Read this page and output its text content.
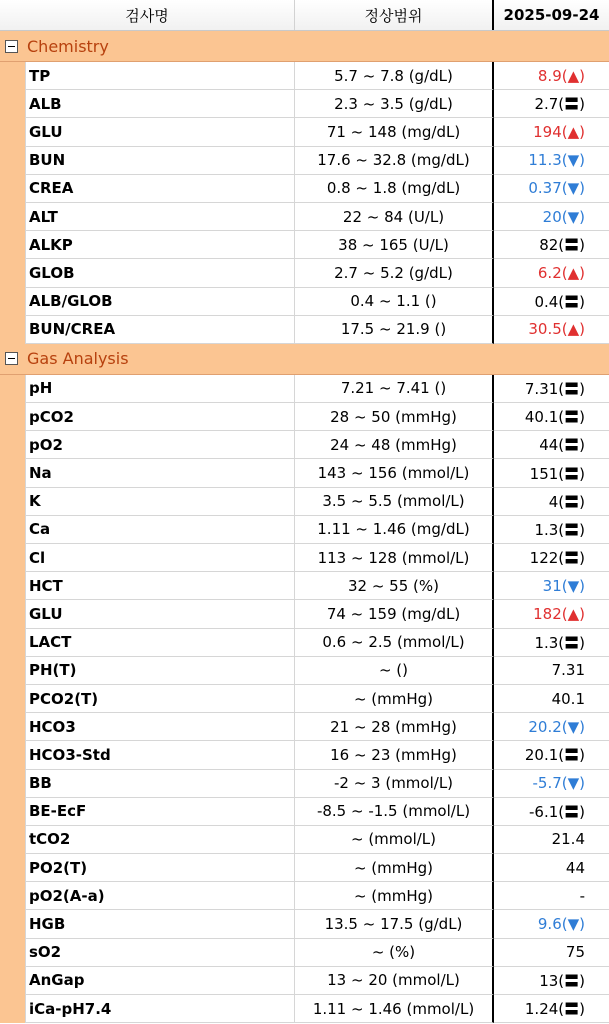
검사명	정상범위	2025-09-24
Chemistry
TP	5.7 ~ 7.8 (g/dL)	8.9(▲)
ALB	2.3 ~ 3.5 (g/dL)	2.7(〓)
GLU	71 ~ 148 (mg/dL)	194(▲)
BUN	17.6 ~ 32.8 (mg/dL)	11.3(▼)
CREA	0.8 ~ 1.8 (mg/dL)	0.37(▼)
ALT	22 ~ 84 (U/L)	20(▼)
ALKP	38 ~ 165 (U/L)	82(〓)
GLOB	2.7 ~ 5.2 (g/dL)	6.2(▲)
ALB/GLOB	0.4 ~ 1.1 ()	0.4(〓)
BUN/CREA	17.5 ~ 21.9 ()	30.5(▲)
Gas Analysis
pH	7.21 ~ 7.41 ()	7.31(〓)
pCO2	28 ~ 50 (mmHg)	40.1(〓)
pO2	24 ~ 48 (mmHg)	44(〓)
Na	143 ~ 156 (mmol/L)	151(〓)
K	3.5 ~ 5.5 (mmol/L)	4(〓)
Ca	1.11 ~ 1.46 (mg/dL)	1.3(〓)
Cl	113 ~ 128 (mmol/L)	122(〓)
HCT	32 ~ 55 (%)	31(▼)
GLU	74 ~ 159 (mg/dL)	182(▲)
LACT	0.6 ~ 2.5 (mmol/L)	1.3(〓)
PH(T)	~ ()	7.31
PCO2(T)	~ (mmHg)	40.1
HCO3	21 ~ 28 (mmHg)	20.2(▼)
HCO3-Std	16 ~ 23 (mmHg)	20.1(〓)
BB	-2 ~ 3 (mmol/L)	-5.7(▼)
BE-EcF	-8.5 ~ -1.5 (mmol/L)	-6.1(〓)
tCO2	~ (mmol/L)	21.4
PO2(T)	~ (mmHg)	44
pO2(A-a)	~ (mmHg)	-
HGB	13.5 ~ 17.5 (g/dL)	9.6(▼)
sO2	~ (%)	75
AnGap	13 ~ 20 (mmol/L)	13(〓)
iCa-pH7.4	1.11 ~ 1.46 (mmol/L)	1.24(〓)
